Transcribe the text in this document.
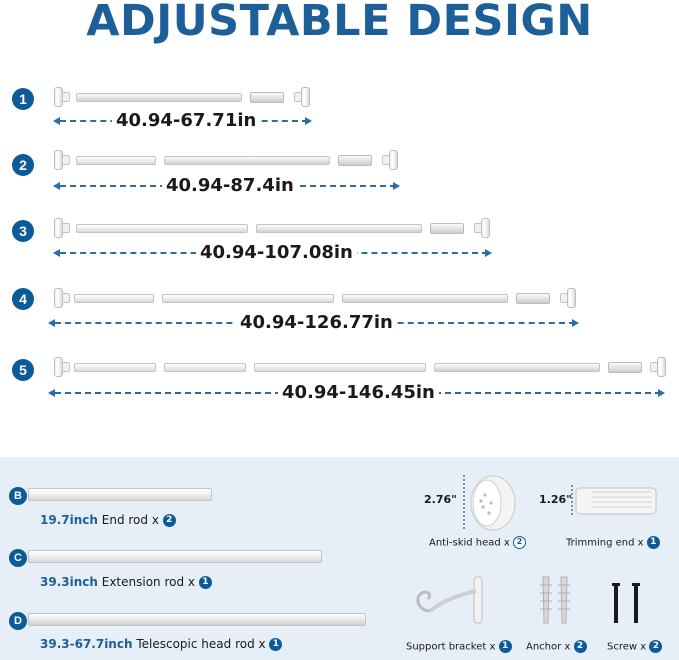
ADJUSTABLE DESIGN
1
40.94-67.71in
2
40.94-87.4in
3
40.94-107.08in
4
40.94-126.77in
5
40.94-146.45in
B
19.7inch End rod x 2
C
39.3inch Extension rod x 1
D
39.3-67.7inch Telescopic head rod x 1
2.76"
Anti-skid head x 2
1.26"
Trimming end x 1
Support bracket x 1	Anchor x 2	Screw x 2
